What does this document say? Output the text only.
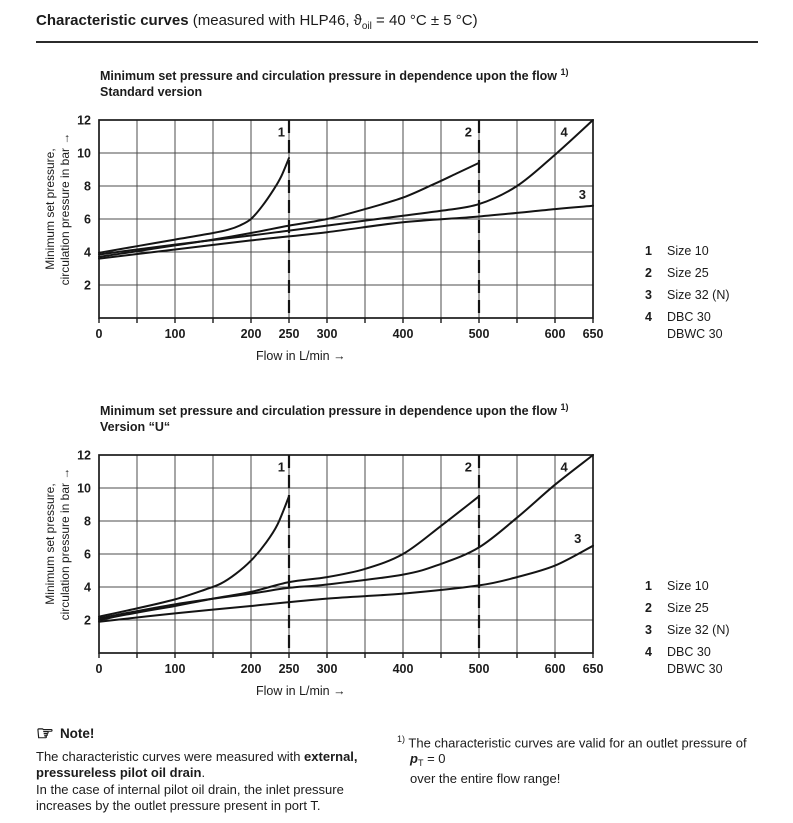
Characteristic curves (measured with HLP46, $ϑ_{oil} = 40$ °C ± 5 °C)
Minimum set pressure and circulation pressure in dependence upon the flow $^{1)}$
Standard version
Minimum set pressure,
circulation pressure in bar →
1	2	4
3
0	100	200 250 300	400	500	600 650
2
4
6
8
10
12
Flow in L/min →
1	Size 10
2	Size 25
3	Size 32 (N)
4	DBC 30
DBWC 30
Minimum set pressure and circulation pressure in dependence upon the flow $^{1)}$
Version “U“
Minimum set pressure,
circulation pressure in bar →
1	2	4
3
0	100	200 250 300	400	500	600 650
2
4
6
8
10
12
Flow in L/min →
1	Size 10
2	Size 25
3	Size 32 (N)
4	DBC 30
DBWC 30
☞ Note!
The characteristic curves were measured with external, pressureless pilot oil drain.
In the case of internal pilot oil drain, the inlet pressure increases by the outlet pressure present in port T.
$^{1)}$ The characteristic curves are valid for an outlet pressure of
$p_T = 0$
over the entire flow range!
